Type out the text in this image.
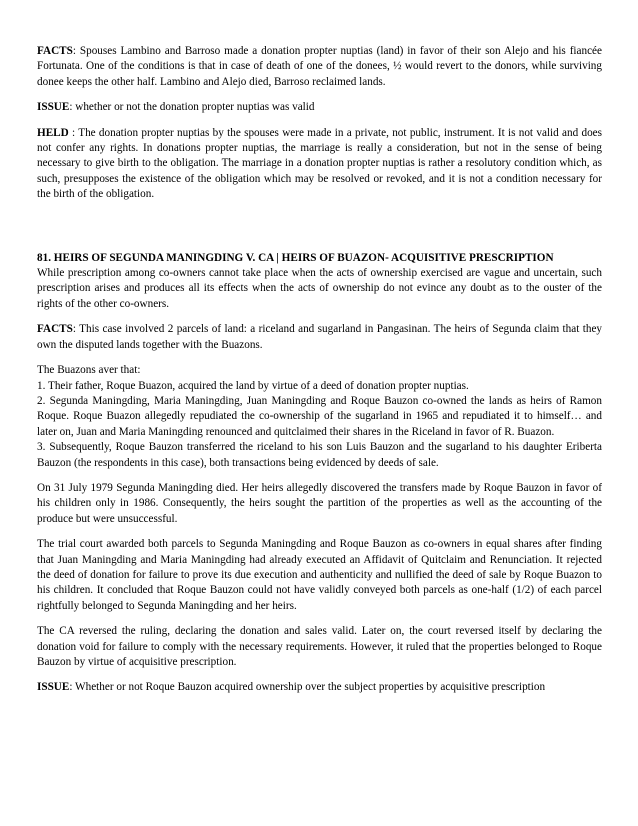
FACTS: Spouses Lambino and Barroso made a donation propter nuptias (land) in favor of their son Alejo and his fiancée Fortunata. One of the conditions is that in case of death of one of the donees, ½ would revert to the donors, while surviving donee keeps the other half. Lambino and Alejo died, Barroso reclaimed lands.

ISSUE: whether or not the donation propter nuptias was valid

HELD : The donation propter nuptias by the spouses were made in a private, not public, instrument. It is not valid and does not confer any rights. In donations propter nuptias, the marriage is really a consideration, but not in the sense of being necessary to give birth to the obligation. The marriage in a donation propter nuptias is rather a resolutory condition which, as such, presupposes the existence of the obligation which may be resolved or revoked, and it is not a condition necessary for the birth of the obligation.

81. HEIRS OF SEGUNDA MANINGDING V. CA | HEIRS OF BUAZON- ACQUISITIVE PRESCRIPTION

While prescription among co-owners cannot take place when the acts of ownership exercised are vague and uncertain, such prescription arises and produces all its effects when the acts of ownership do not evince any doubt as to the ouster of the rights of the other co-owners.

FACTS: This case involved 2 parcels of land: a riceland and sugarland in Pangasinan. The heirs of Segunda claim that they own the disputed lands together with the Buazons.

The Buazons aver that:

1. Their father, Roque Buazon, acquired the land by virtue of a deed of donation propter nuptias.

2. Segunda Maningding, Maria Maningding, Juan Maningding and Roque Bauzon co-owned the lands as heirs of Ramon Roque. Roque Buazon allegedly repudiated the co-ownership of the sugarland in 1965 and repudiated it to himself… and later on, Juan and Maria Maningding renounced and quitclaimed their shares in the Riceland in favor of R. Buazon.

3. Subsequently, Roque Bauzon transferred the riceland to his son Luis Bauzon and the sugarland to his daughter Eriberta Bauzon (the respondents in this case), both transactions being evidenced by deeds of sale.

On 31 July 1979 Segunda Maningding died. Her heirs allegedly discovered the transfers made by Roque Bauzon in favor of his children only in 1986. Consequently, the heirs sought the partition of the properties as well as the accounting of the produce but were unsuccessful.

The trial court awarded both parcels to Segunda Maningding and Roque Bauzon as co-owners in equal shares after finding that Juan Maningding and Maria Maningding had already executed an Affidavit of Quitclaim and Renunciation. It rejected the deed of donation for failure to prove its due execution and authenticity and nullified the deed of sale by Roque Buazon to his children. It concluded that Roque Bauzon could not have validly conveyed both parcels as one-half (1/2) of each parcel rightfully belonged to Segunda Maningding and her heirs.

The CA reversed the ruling, declaring the donation and sales valid. Later on, the court reversed itself by declaring the donation void for failure to comply with the necessary requirements. However, it ruled that the properties belonged to Roque Bauzon by virtue of acquisitive prescription.

ISSUE: Whether or not Roque Bauzon acquired ownership over the subject properties by acquisitive prescription
